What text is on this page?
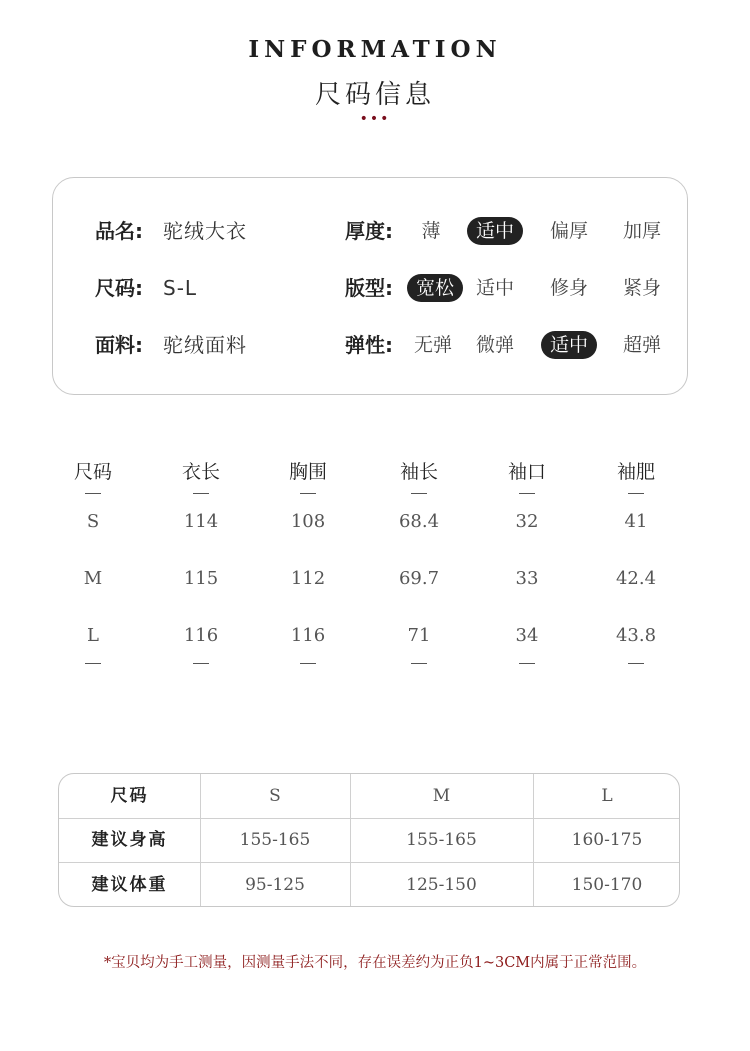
INFORMATION
尺码信息
•••
品名: 驼绒大衣	厚度:	薄	适中	偏厚	加厚
尺码: S-L	版型:	宽松	适中	修身	紧身
面料: 驼绒面料	弹性:	无弹	微弹	适中	超弹
尺码	衣长	胸围	袖长	袖口	袖肥
S	114	108	68.4	32	41
M	115	112	69.7	33	42.4
L	116	116	71	34	43.8
尺码	S	M	L
建议身高	155-165	155-165	160-175
建议体重	95-125	125-150	150-170
*宝贝均为手工测量，因测量手法不同，存在误差约为正负1~3CM内属于正常范围。
